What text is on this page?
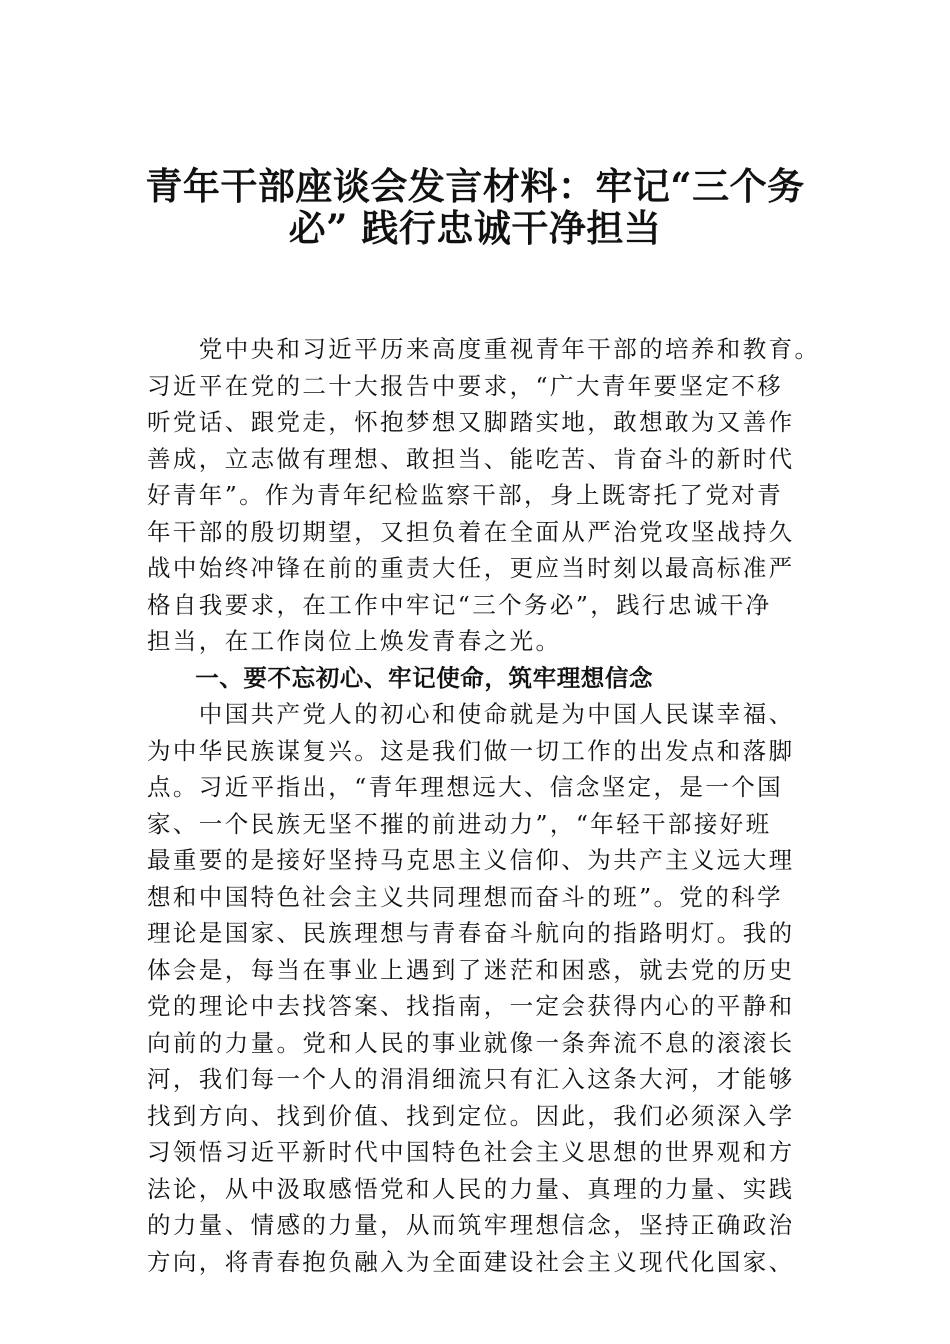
青年干部座谈会发言材料：牢记“三个务
必” 践行忠诚干净担当
　　党中央和习近平历来高度重视青年干部的培养和教育。
习近平在党的二十大报告中要求，“广大青年要坚定不移
听党话、跟党走，怀抱梦想又脚踏实地，敢想敢为又善作
善成，立志做有理想、敢担当、能吃苦、肯奋斗的新时代
好青年”。作为青年纪检监察干部，身上既寄托了党对青
年干部的殷切期望，又担负着在全面从严治党攻坚战持久
战中始终冲锋在前的重责大任，更应当时刻以最高标准严
格自我要求，在工作中牢记“三个务必”，践行忠诚干净
担当，在工作岗位上焕发青春之光。
　　一、要不忘初心、牢记使命，筑牢理想信念
　　中国共产党人的初心和使命就是为中国人民谋幸福、
为中华民族谋复兴。这是我们做一切工作的出发点和落脚
点。习近平指出，“青年理想远大、信念坚定，是一个国
家、一个民族无坚不摧的前进动力”，“年轻干部接好班
最重要的是接好坚持马克思主义信仰、为共产主义远大理
想和中国特色社会主义共同理想而奋斗的班”。党的科学
理论是国家、民族理想与青春奋斗航向的指路明灯。我的
体会是，每当在事业上遇到了迷茫和困惑，就去党的历史
党的理论中去找答案、找指南，一定会获得内心的平静和
向前的力量。党和人民的事业就像一条奔流不息的滚滚长
河，我们每一个人的涓涓细流只有汇入这条大河，才能够
找到方向、找到价值、找到定位。因此，我们必须深入学
习领悟习近平新时代中国特色社会主义思想的世界观和方
法论，从中汲取感悟党和人民的力量、真理的力量、实践
的力量、情感的力量，从而筑牢理想信念，坚持正确政治
方向，将青春抱负融入为全面建设社会主义现代化国家、
